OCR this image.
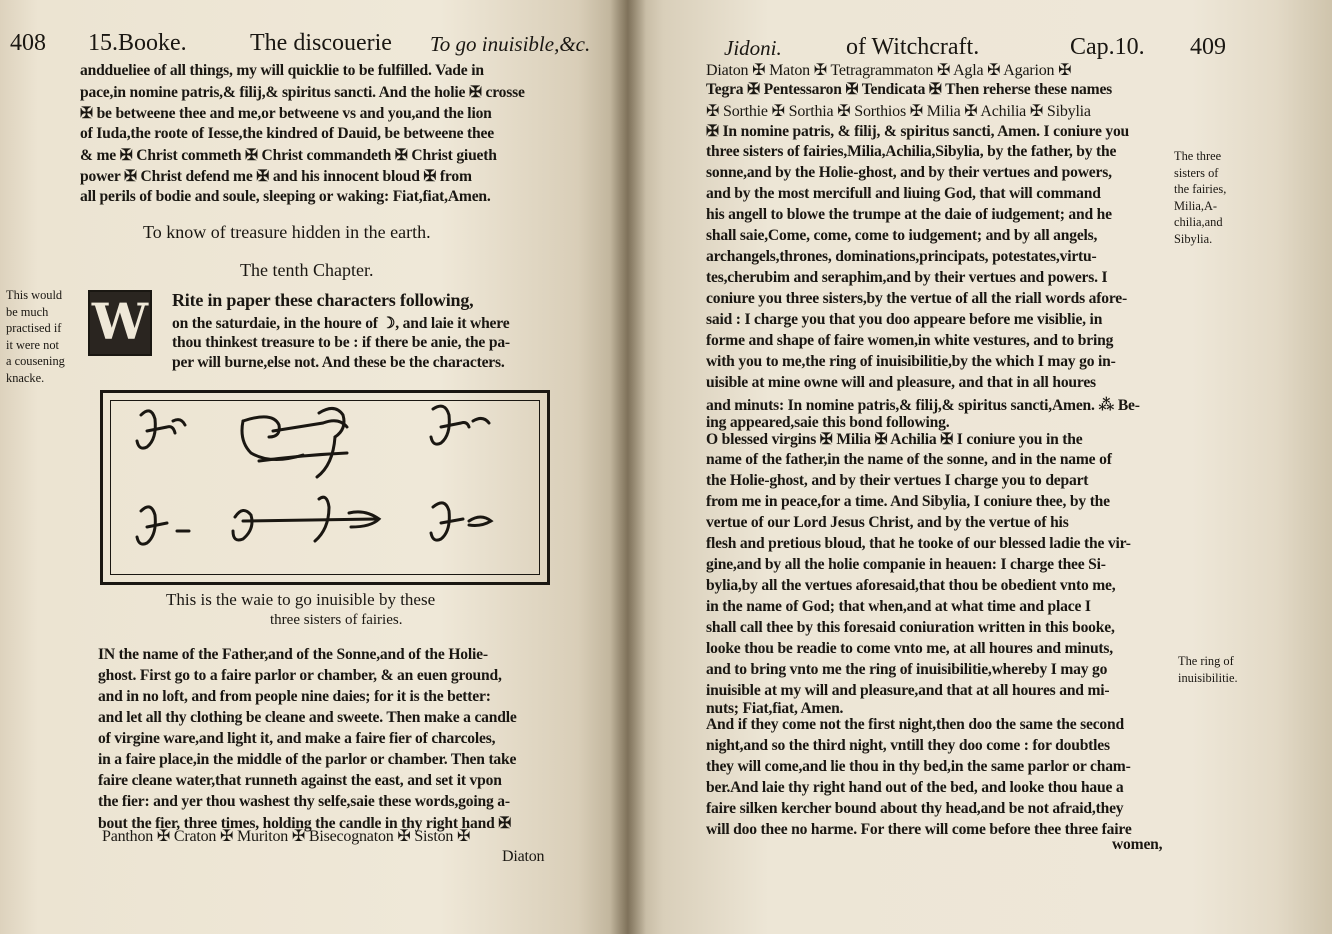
408 15.Booke.	The discouerie To go inuisible,&c.
anddueliee of all things, my will quicklie to be fulfilled. Vade in
pace,in nomine patris,& filij,& spiritus sancti. And the holie ✠ crosse
✠ be betweene thee and me,or betweene vs and you,and the lion
of Iuda,the roote of Iesse,the kindred of Dauid, be betweene thee
& me ✠ Christ commeth ✠ Christ commandeth ✠ Christ giueth
power ✠ Christ defend me ✠ and his innocent bloud ✠ from
all perils of bodie and soule, sleeping or waking: Fiat,fiat,Amen.
To know of treasure hidden in the earth.
The tenth Chapter.
This would
be much
practised if
it were not
a cousening
knacke.
W Rite in paper these characters following,
on the saturdaie, in the houre of ☽, and laie it where
thou thinkest treasure to be : if there be anie, the pa-
per will burne,else not. And these be the characters.
This is the waie to go inuisible by these
three sisters of fairies.
IN the name of the Father,and of the Sonne,and of the Holie-
ghost. First go to a faire parlor or chamber, & an euen ground,
and in no loft, and from people nine daies; for it is the better:
and let all thy clothing be cleane and sweete. Then make a candle
of virgine ware,and light it, and make a faire fier of charcoles,
in a faire place,in the middle of the parlor or chamber. Then take
faire cleane water,that runneth against the east, and set it vpon
the fier: and yer thou washest thy selfe,saie these words,going a-
bout the fier, three times, holding the candle in thy right hand ✠
Panthon ✠ Craton ✠ Muriton ✠ Bisecognaton ✠ Siston ✠
Diaton
Jidoni.	of Witchcraft.	Cap.10. 409
Diaton ✠ Maton ✠ Tetragrammaton ✠ Agla ✠ Agarion ✠
Tegra ✠ Pentessaron ✠ Tendicata ✠ Then reherse these names
✠ Sorthie ✠ Sorthia ✠ Sorthios ✠ Milia ✠ Achilia ✠ Sibylia
✠ In nomine patris, & filij, & spiritus sancti, Amen. I coniure you
three sisters of fairies,Milia,Achilia,Sibylia, by the father, by the
sonne,and by the Holie-ghost, and by their vertues and powers,
and by the most mercifull and liuing God, that will command
his angell to blowe the trumpe at the daie of iudgement; and he
shall saie,Come, come, come to iudgement; and by all angels,
archangels,thrones, dominations,principats, potestates,virtu-
tes,cherubim and seraphim,and by their vertues and powers. I
coniure you three sisters,by the vertue of all the riall words afore-
said : I charge you that you doo appeare before me visiblie, in
forme and shape of faire women,in white vestures, and to bring
with you to me,the ring of inuisibilitie,by the which I may go in-
uisible at mine owne will and pleasure, and that in all houres
and minuts: In nomine patris,& filij,& spiritus sancti,Amen. ⁂ Be-
ing appeared,saie this bond following.
O blessed virgins ✠ Milia ✠ Achilia ✠ I coniure you in the
name of the father,in the name of the sonne, and in the name of
the Holie-ghost, and by their vertues I charge you to depart
from me in peace,for a time. And Sibylia, I coniure thee, by the
vertue of our Lord Jesus Christ, and by the vertue of his
flesh and pretious bloud, that he tooke of our blessed ladie the vir-
gine,and by all the holie companie in heauen: I charge thee Si-
bylia,by all the vertues aforesaid,that thou be obedient vnto me,
in the name of God; that when,and at what time and place I
shall call thee by this foresaid coniuration written in this booke,
looke thou be readie to come vnto me, at all houres and minuts,
and to bring vnto me the ring of inuisibilitie,whereby I may go
inuisible at my will and pleasure,and that at all houres and mi-
nuts; Fiat,fiat, Amen.
And if they come not the first night,then doo the same the second
night,and so the third night, vntill they doo come : for doubtles
they will come,and lie thou in thy bed,in the same parlor or cham-
ber.And laie thy right hand out of the bed, and looke thou haue a
faire silken kercher bound about thy head,and be not afraid,they
will doo thee no harme. For there will come before thee three faire
women,
The three
sisters of
the fairies,
Milia,A-
chilia,and
Sibylia.
The ring of
inuisibilitie.
